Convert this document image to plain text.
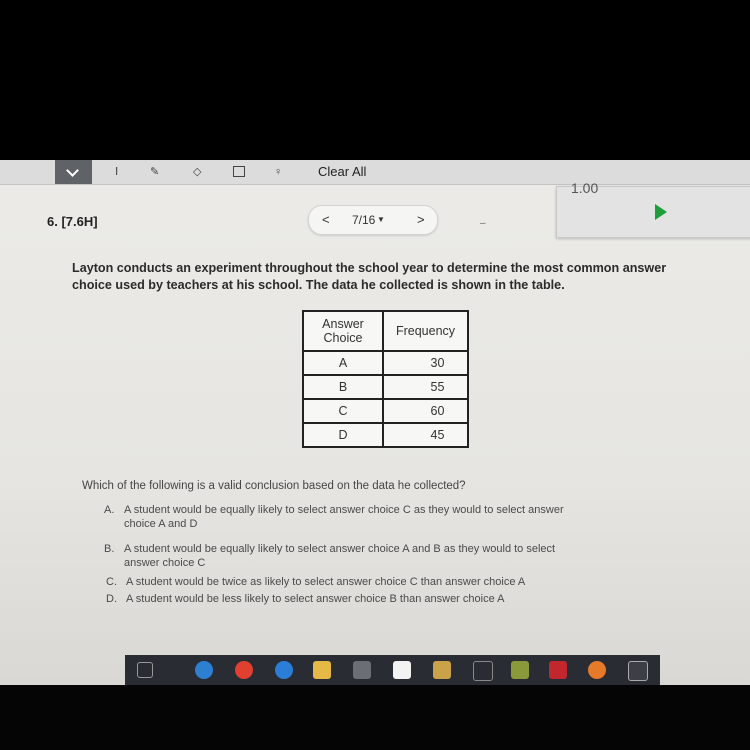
Ⅰ	✎	◇	♀	Clear All
1.00
6. [7.6H]	< 7/16 ▼ >	–
Layton conducts an experiment throughout the school year to determine the most common answer
choice used by teachers at his school. The data he collected is shown in the table.
Answer
Choice	Frequency
A	30
B	55
C	60
D	45
Which of the following is a valid conclusion based on the data he collected?
A. A student would be equally likely to select answer choice C as they would to select answer
choice A and D
B. A student would be equally likely to select answer choice A and B as they would to select
answer choice C
C. A student would be twice as likely to select answer choice C than answer choice A
D. A student would be less likely to select answer choice B than answer choice A
